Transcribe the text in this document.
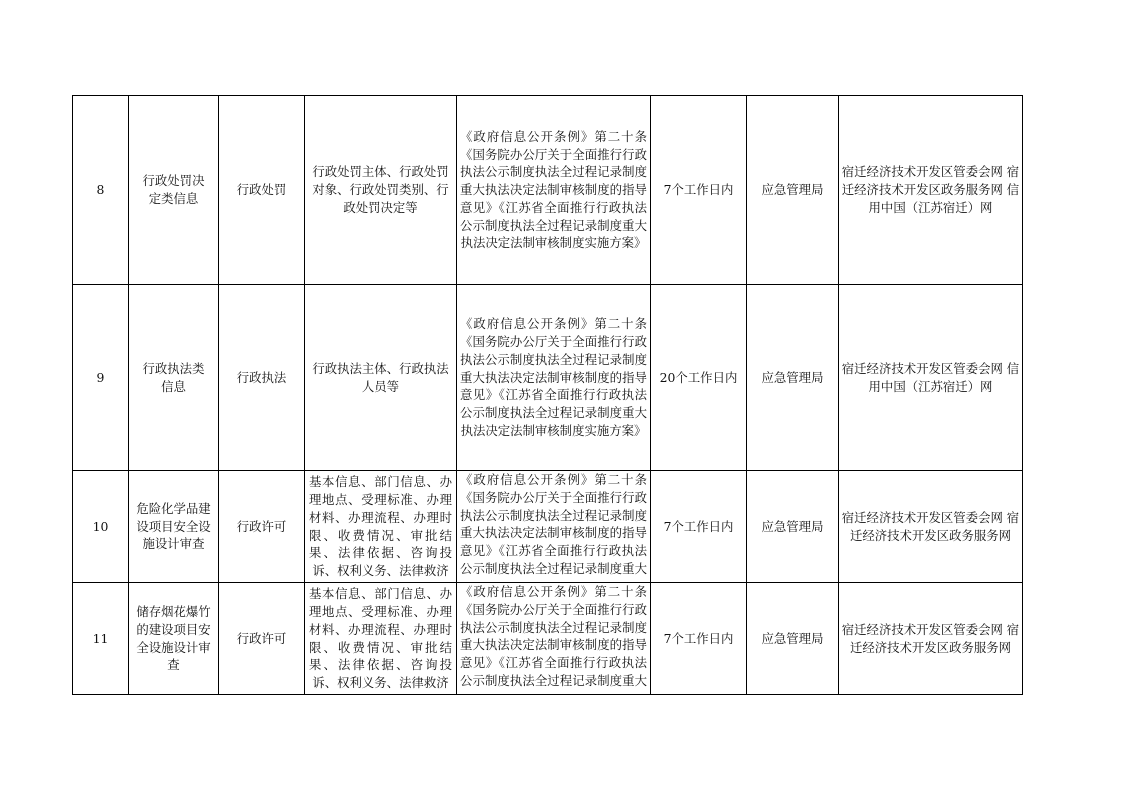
8	行政处罚决定类信息	行政处罚	行政处罚主体、行政处罚对象、行政处罚类别、行政处罚决定等	《政府信息公开条例》第二十条《国务院办公厅关于全面推行行政执法公示制度执法全过程记录制度重大执法决定法制审核制度的指导意见》《江苏省全面推行行政执法公示制度执法全过程记录制度重大执法决定法制审核制度实施方案》	7个工作日内	应急管理局	宿迁经济技术开发区管委会网 宿迁经济技术开发区政务服务网 信用中国（江苏宿迁）网

9	行政执法类信息	行政执法	行政执法主体、行政执法人员等	《政府信息公开条例》第二十条《国务院办公厅关于全面推行行政执法公示制度执法全过程记录制度重大执法决定法制审核制度的指导意见》《江苏省全面推行行政执法公示制度执法全过程记录制度重大执法决定法制审核制度实施方案》	20个工作日内	应急管理局	宿迁经济技术开发区管委会网 信用中国（江苏宿迁）网

10	危险化学品建设项目安全设施设计审查	行政许可	基本信息、部门信息、办理地点、受理标准、办理材料、办理流程、办理时限、收费情况、审批结果、法律依据、咨询投诉、权利义务、法律救济	《政府信息公开条例》第二十条《国务院办公厅关于全面推行行政执法公示制度执法全过程记录制度重大执法决定法制审核制度的指导意见》《江苏省全面推行行政执法公示制度执法全过程记录制度重大	7个工作日内	应急管理局	宿迁经济技术开发区管委会网 宿迁经济技术开发区政务服务网

11	储存烟花爆竹的建设项目安全设施设计审查	行政许可	基本信息、部门信息、办理地点、受理标准、办理材料、办理流程、办理时限、收费情况、审批结果、法律依据、咨询投诉、权利义务、法律救济	《政府信息公开条例》第二十条《国务院办公厅关于全面推行行政执法公示制度执法全过程记录制度重大执法决定法制审核制度的指导意见》《江苏省全面推行行政执法公示制度执法全过程记录制度重大	7个工作日内	应急管理局	宿迁经济技术开发区管委会网 宿迁经济技术开发区政务服务网
